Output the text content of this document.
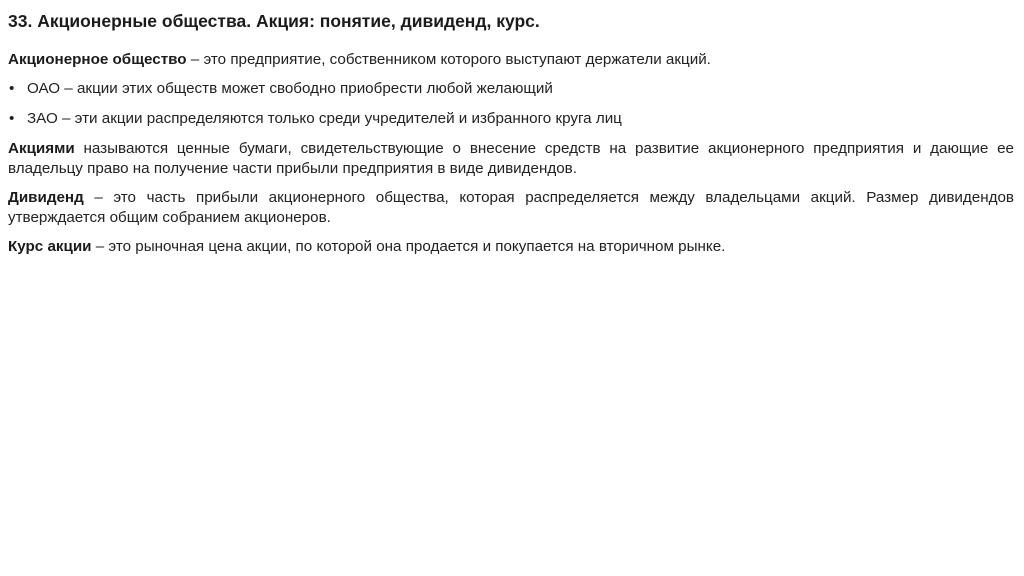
33. Акционерные общества. Акция: понятие, дивиденд, курс.

Акционерное общество – это предприятие, собственником которого выступают держатели акций.

• ОАО – акции этих обществ может свободно приобрести любой желающий
• ЗАО – эти акции распределяются только среди учредителей и избранного круга лиц

Акциями называются ценные бумаги, свидетельствующие о внесение средств на развитие акционерного предприятия и дающие ее владельцу право на получение части прибыли предприятия в виде дивидендов.

Дивиденд – это часть прибыли акционерного общества, которая распределяется между владельцами акций. Размер дивидендов утверждается общим собранием акционеров.

Курс акции – это рыночная цена акции, по которой она продается и покупается на вторичном рынке.
